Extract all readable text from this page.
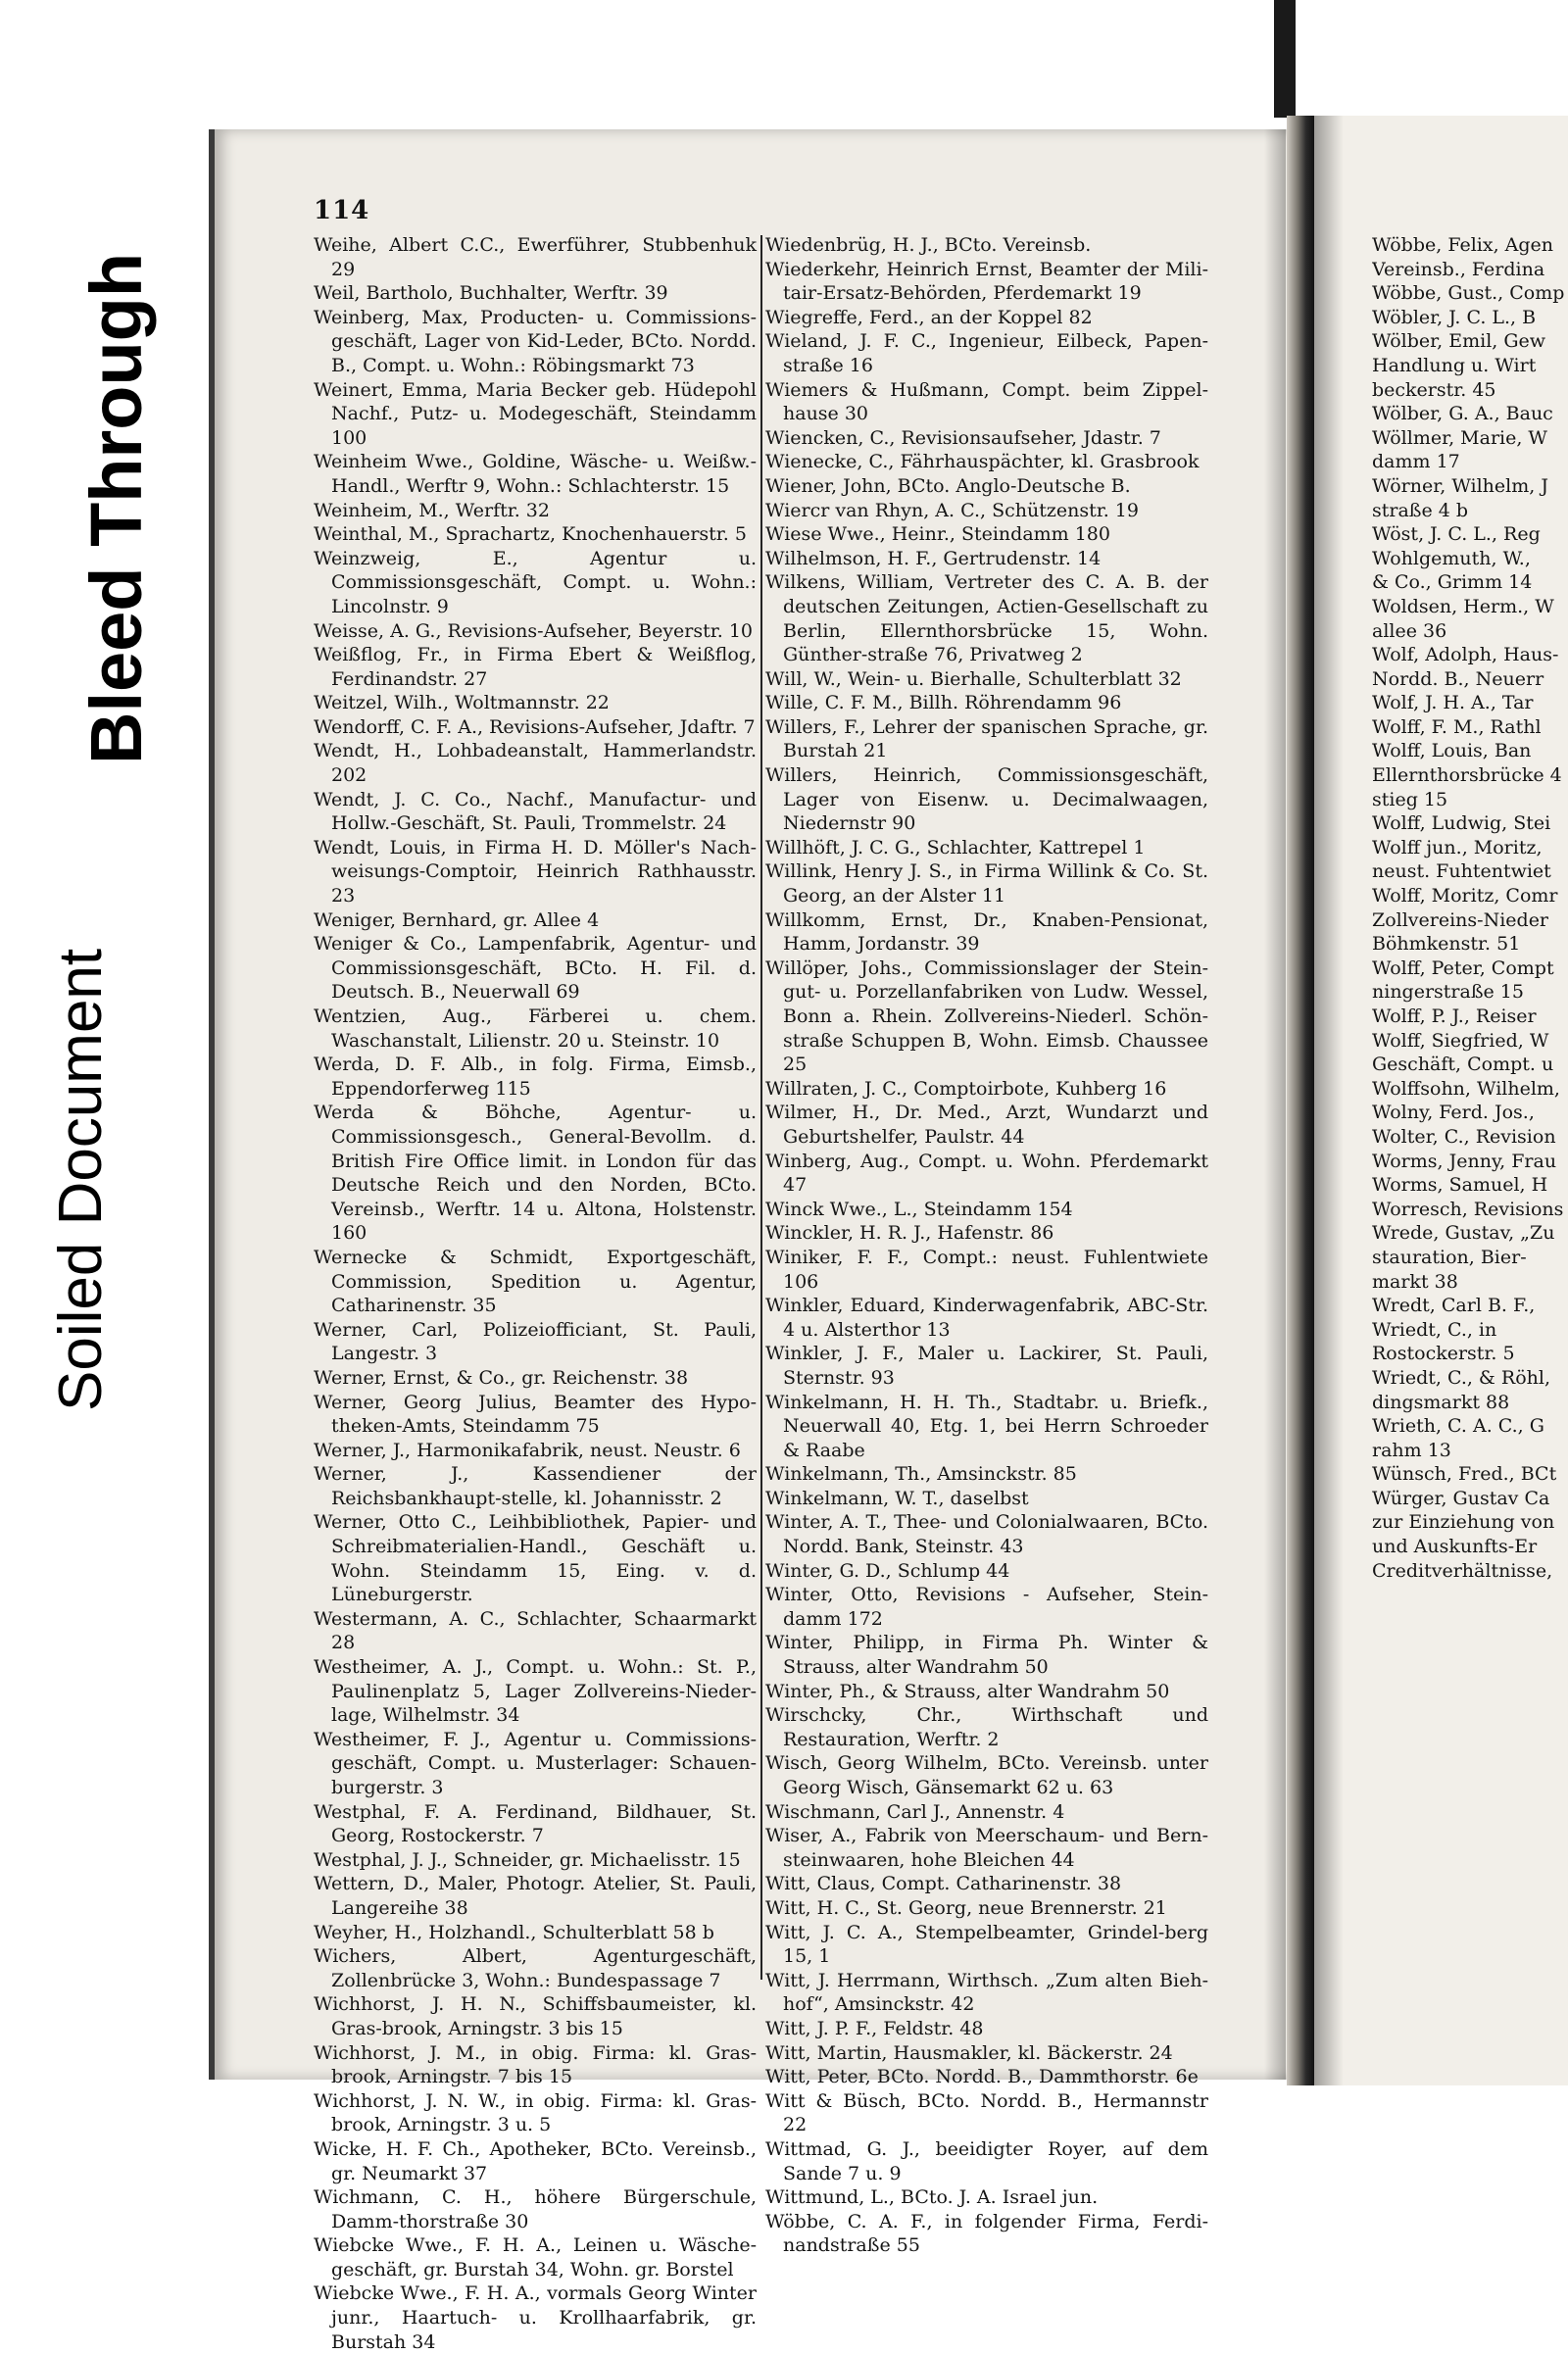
Bleed Through
Soiled Document
114

Weihe, Albert C.C., Ewerführer, Stubbenhuk 29

Weil, Bartholo, Buchhalter, Werftr. 39

Weinberg, Max, Producten- u. Commissions-geschäft, Lager von Kid-Leder, BCto. Nordd. B., Compt. u. Wohn.: Röbingsmarkt 73

Weinert, Emma, Maria Becker geb. Hüdepohl Nachf., Putz- u. Modegeschäft, Steindamm 100

Weinheim Wwe., Goldine, Wäsche- u. Weißw.-Handl., Werftr 9, Wohn.: Schlachterstr. 15

Weinheim, M., Werftr. 32

Weinthal, M., Sprachartz, Knochenhauerstr. 5

Weinzweig, E., Agentur u. Commissionsgeschäft, Compt. u. Wohn.: Lincolnstr. 9

Weisse, A. G., Revisions-Aufseher, Beyerstr. 10

Weißflog, Fr., in Firma Ebert & Weißflog, Ferdinandstr. 27

Weitzel, Wilh., Woltmannstr. 22

Wendorff, C. F. A., Revisions-Aufseher, Jdaftr. 7

Wendt, H., Lohbadeanstalt, Hammerlandstr. 202

Wendt, J. C. Co., Nachf., Manufactur- und Hollw.-Geschäft, St. Pauli, Trommelstr. 24

Wendt, Louis, in Firma H. D. Möller's Nach-weisungs-Comptoir, Heinrich Rathhausstr. 23

Weniger, Bernhard, gr. Allee 4

Weniger & Co., Lampenfabrik, Agentur- und Commissionsgeschäft, BCto. H. Fil. d. Deutsch. B., Neuerwall 69

Wentzien, Aug., Färberei u. chem. Waschanstalt, Lilienstr. 20 u. Steinstr. 10

Werda, D. F. Alb., in folg. Firma, Eimsb., Eppendorferweg 115

Werda & Böhche, Agentur- u. Commissionsgesch., General-Bevollm. d. British Fire Office limit. in London für das Deutsche Reich und den Norden, BCto. Vereinsb., Werftr. 14 u. Altona, Holstenstr. 160

Wernecke & Schmidt, Exportgeschäft, Commission, Spedition u. Agentur, Catharinenstr. 35

Werner, Carl, Polizeiofficiant, St. Pauli, Langestr. 3

Werner, Ernst, & Co., gr. Reichenstr. 38

Werner, Georg Julius, Beamter des Hypo-theken-Amts, Steindamm 75

Werner, J., Harmonikafabrik, neust. Neustr. 6

Werner, J., Kassendiener der Reichsbankhaupt-stelle, kl. Johannisstr. 2

Werner, Otto C., Leihbibliothek, Papier- und Schreibmaterialien-Handl., Geschäft u. Wohn. Steindamm 15, Eing. v. d. Lüneburgerstr.

Westermann, A. C., Schlachter, Schaarmarkt 28

Westheimer, A. J., Compt. u. Wohn.: St. P., Paulinenplatz 5, Lager Zollvereins-Nieder-lage, Wilhelmstr. 34

Westheimer, F. J., Agentur u. Commissions-geschäft, Compt. u. Musterlager: Schauen-burgerstr. 3

Westphal, F. A. Ferdinand, Bildhauer, St. Georg, Rostockerstr. 7

Westphal, J. J., Schneider, gr. Michaelisstr. 15

Wettern, D., Maler, Photogr. Atelier, St. Pauli, Langereihe 38

Weyher, H., Holzhandl., Schulterblatt 58 b

Wichers, Albert, Agenturgeschäft, Zollenbrücke 3, Wohn.: Bundespassage 7

Wichhorst, J. H. N., Schiffsbaumeister, kl. Gras-brook, Arningstr. 3 bis 15

Wichhorst, J. M., in obig. Firma: kl. Gras-brook, Arningstr. 7 bis 15

Wichhorst, J. N. W., in obig. Firma: kl. Gras-brook, Arningstr. 3 u. 5

Wicke, H. F. Ch., Apotheker, BCto. Vereinsb., gr. Neumarkt 37

Wichmann, C. H., höhere Bürgerschule, Damm-thorstraße 30

Wiebcke Wwe., F. H. A., Leinen u. Wäsche-geschäft, gr. Burstah 34, Wohn. gr. Borstel

Wiebcke Wwe., F. H. A., vormals Georg Winter junr., Haartuch- u. Krollhaarfabrik, gr. Burstah 34

Wiedenbrüg, H. J., BCto. Vereinsb.

Wiederkehr, Heinrich Ernst, Beamter der Mili-tair-Ersatz-Behörden, Pferdemarkt 19

Wiegreffe, Ferd., an der Koppel 82

Wieland, J. F. C., Ingenieur, Eilbeck, Papen-straße 16

Wiemers & Hußmann, Compt. beim Zippel-hause 30

Wiencken, C., Revisionsaufseher, Jdastr. 7

Wienecke, C., Fährhauspächter, kl. Grasbrook

Wiener, John, BCto. Anglo-Deutsche B.

Wiercr van Rhyn, A. C., Schützenstr. 19

Wiese Wwe., Heinr., Steindamm 180

Wilhelmson, H. F., Gertrudenstr. 14

Wilkens, William, Vertreter des C. A. B. der deutschen Zeitungen, Actien-Gesellschaft zu Berlin, Ellernthorsbrücke 15, Wohn. Günther-straße 76, Privatweg 2

Will, W., Wein- u. Bierhalle, Schulterblatt 32

Wille, C. F. M., Billh. Röhrendamm 96

Willers, F., Lehrer der spanischen Sprache, gr. Burstah 21

Willers, Heinrich, Commissionsgeschäft, Lager von Eisenw. u. Decimalwaagen, Niedernstr 90

Willhöft, J. C. G., Schlachter, Kattrepel 1

Willink, Henry J. S., in Firma Willink & Co. St. Georg, an der Alster 11

Willkomm, Ernst, Dr., Knaben-Pensionat, Hamm, Jordanstr. 39

Willöper, Johs., Commissionslager der Stein-gut- u. Porzellanfabriken von Ludw. Wessel, Bonn a. Rhein. Zollvereins-Niederl. Schön-straße Schuppen B, Wohn. Eimsb. Chaussee 25

Willraten, J. C., Comptoirbote, Kuhberg 16

Wilmer, H., Dr. Med., Arzt, Wundarzt und Geburtshelfer, Paulstr. 44

Winberg, Aug., Compt. u. Wohn. Pferdemarkt 47

Winck Wwe., L., Steindamm 154

Winckler, H. R. J., Hafenstr. 86

Winiker, F. F., Compt.: neust. Fuhlentwiete 106

Winkler, Eduard, Kinderwagenfabrik, ABC-Str. 4 u. Alsterthor 13

Winkler, J. F., Maler u. Lackirer, St. Pauli, Sternstr. 93

Winkelmann, H. H. Th., Stadtabr. u. Briefk., Neuerwall 40, Etg. 1, bei Herrn Schroeder & Raabe

Winkelmann, Th., Amsinckstr. 85

Winkelmann, W. T., daselbst

Winter, A. T., Thee- und Colonialwaaren, BCto. Nordd. Bank, Steinstr. 43

Winter, G. D., Schlump 44

Winter, Otto, Revisions - Aufseher, Stein-damm 172

Winter, Philipp, in Firma Ph. Winter & Strauss, alter Wandrahm 50

Winter, Ph., & Strauss, alter Wandrahm 50

Wirschcky, Chr., Wirthschaft und Restauration, Werftr. 2

Wisch, Georg Wilhelm, BCto. Vereinsb. unter Georg Wisch, Gänsemarkt 62 u. 63

Wischmann, Carl J., Annenstr. 4

Wiser, A., Fabrik von Meerschaum- und Bern-steinwaaren, hohe Bleichen 44

Witt, Claus, Compt. Catharinenstr. 38

Witt, H. C., St. Georg, neue Brennerstr. 21

Witt, J. C. A., Stempelbeamter, Grindel-berg 15, 1

Witt, J. Herrmann, Wirthsch. „Zum alten Bieh-hof“, Amsinckstr. 42

Witt, J. P. F., Feldstr. 48

Witt, Martin, Hausmakler, kl. Bäckerstr. 24

Witt, Peter, BCto. Nordd. B., Dammthorstr. 6e

Witt & Büsch, BCto. Nordd. B., Hermannstr 22

Wittmad, G. J., beeidigter Royer, auf dem Sande 7 u. 9

Wittmund, L., BCto. J. A. Israel jun.

Wöbbe, C. A. F., in folgender Firma, Ferdi-nandstraße 55

Wöbbe, Felix, Agen

Vereinsb., Ferdina

Wöbbe, Gust., Comp

Wöbler, J. C. L., B

Wölber, Emil, Gew

Handlung u. Wirt

beckerstr. 45

Wölber, G. A., Bauc

Wöllmer, Marie, W

damm 17

Wörner, Wilhelm, J

straße 4 b

Wöst, J. C. L., Reg

Wohlgemuth, W.,

& Co., Grimm 14

Woldsen, Herm., W

allee 36

Wolf, Adolph, Haus-

Nordd. B., Neuerr

Wolf, J. H. A., Tar

Wolff, F. M., Rathl

Wolff, Louis, Ban

Ellernthorsbrücke 4

stieg 15

Wolff, Ludwig, Stei

Wolff jun., Moritz,

neust. Fuhtentwiet

Wolff, Moritz, Comr

Zollvereins-Nieder

Böhmkenstr. 51

Wolff, Peter, Compt

ningerstraße 15

Wolff, P. J., Reiser

Wolff, Siegfried, W

Geschäft, Compt. u

Wolffsohn, Wilhelm,

Wolny, Ferd. Jos.,

Wolter, C., Revision

Worms, Jenny, Frau

Worms, Samuel, H

Worresch, Revisions

Wrede, Gustav, „Zu

stauration, Bier-

markt 38

Wredt, Carl B. F.,

Wriedt, C., in

Rostockerstr. 5

Wriedt, C., & Röhl,

dingsmarkt 88

Wrieth, C. A. C., G

rahm 13

Wünsch, Fred., BCt

Würger, Gustav Ca

zur Einziehung von

und Auskunfts-Er

Creditverhältnisse,
